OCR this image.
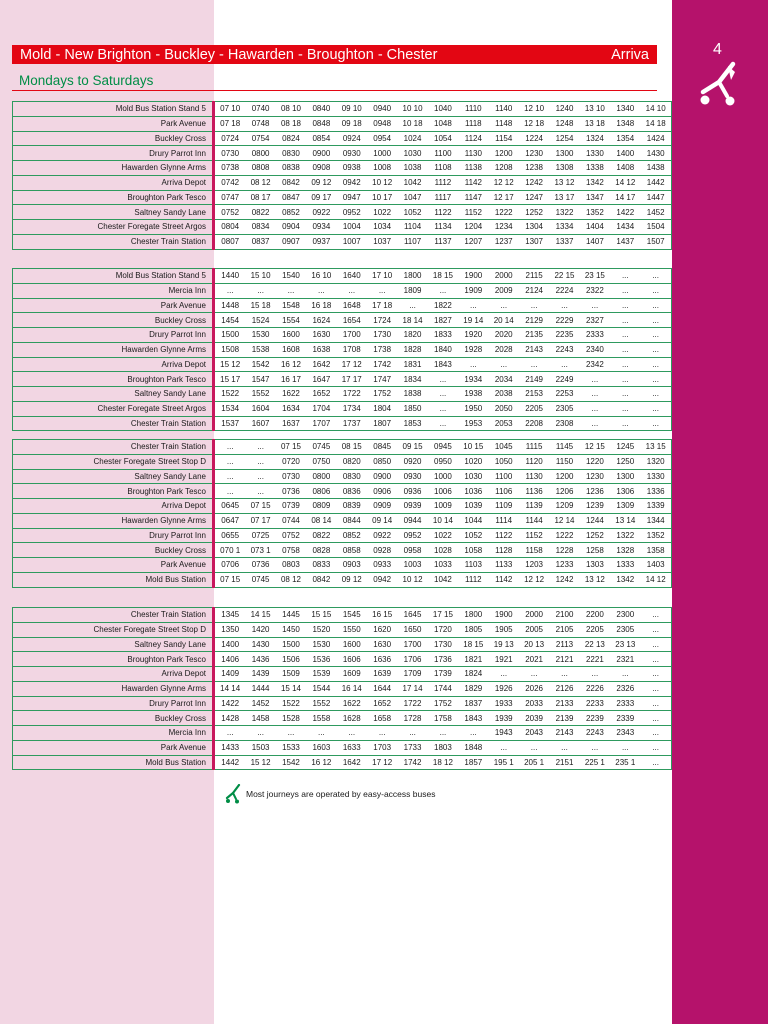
4
Mold - New Brighton - Buckley - Hawarden - Broughton - Chester	Arriva
Mondays to Saturdays
Mold Bus Station Stand 5	07 10	0740	08 10	0840	09 10	0940	10 10	1040	1110	1140	12 10	1240	13 10	1340	14 10
Park Avenue	07 18	0748	08 18	0848	09 18	0948	10 18	1048	1118	1148	12 18	1248	13 18	1348	14 18
Buckley Cross	0724	0754	0824	0854	0924	0954	1024	1054	1124	1154	1224	1254	1324	1354	1424
Drury Parrot Inn	0730	0800	0830	0900	0930	1000	1030	1100	1130	1200	1230	1300	1330	1400	1430
Hawarden Glynne Arms	0738	0808	0838	0908	0938	1008	1038	1108	1138	1208	1238	1308	1338	1408	1438
Arriva Depot	0742	08 12	0842	09 12	0942	10 12	1042	1112	1142	12 12	1242	13 12	1342	14 12	1442
Broughton Park Tesco	0747	08 17	0847	09 17	0947	10 17	1047	1117	1147	12 17	1247	13 17	1347	14 17	1447
Saltney Sandy Lane	0752	0822	0852	0922	0952	1022	1052	1122	1152	1222	1252	1322	1352	1422	1452
Chester Foregate Street Argos	0804	0834	0904	0934	1004	1034	1104	1134	1204	1234	1304	1334	1404	1434	1504
Chester Train Station	0807	0837	0907	0937	1007	1037	1107	1137	1207	1237	1307	1337	1407	1437	1507
Mold Bus Station Stand 5	1440	15 10	1540	16 10	1640	17 10	1800	18 15	1900	2000	2115	22 15	23 15	...	...
Mercia Inn	...	...	...	...	...	...	1809	...	1909	2009	2124	2224	2322	...	...
Park Avenue	1448	15 18	1548	16 18	1648	17 18	...	1822	...	...	...	...	...	...	...
Buckley Cross	1454	1524	1554	1624	1654	1724	18 14	1827	19 14	20 14	2129	2229	2327	...	...
Drury Parrot Inn	1500	1530	1600	1630	1700	1730	1820	1833	1920	2020	2135	2235	2333	...	...
Hawarden Glynne Arms	1508	1538	1608	1638	1708	1738	1828	1840	1928	2028	2143	2243	2340	...	...
Arriva Depot	15 12	1542	16 12	1642	17 12	1742	1831	1843	...	...	...	...	2342	...	...
Broughton Park Tesco	15 17	1547	16 17	1647	17 17	1747	1834	...	1934	2034	2149	2249	...	...	...
Saltney Sandy Lane	1522	1552	1622	1652	1722	1752	1838	...	1938	2038	2153	2253	...	...	...
Chester Foregate Street Argos	1534	1604	1634	1704	1734	1804	1850	...	1950	2050	2205	2305	...	...	...
Chester Train Station	1537	1607	1637	1707	1737	1807	1853	...	1953	2053	2208	2308	...	...	...
Chester Train Station	...	...	07 15	0745	08 15	0845	09 15	0945	10 15	1045	1115	1145	12 15	1245	13 15
Chester Foregate Street Stop D	...	...	0720	0750	0820	0850	0920	0950	1020	1050	1120	1150	1220	1250	1320
Saltney Sandy Lane	...	...	0730	0800	0830	0900	0930	1000	1030	1100	1130	1200	1230	1300	1330
Broughton Park Tesco	...	...	0736	0806	0836	0906	0936	1006	1036	1106	1136	1206	1236	1306	1336
Arriva Depot	0645	07 15	0739	0809	0839	0909	0939	1009	1039	1109	1139	1209	1239	1309	1339
Hawarden Glynne Arms	0647	07 17	0744	08 14	0844	09 14	0944	10 14	1044	1114	1144	12 14	1244	13 14	1344
Drury Parrot Inn	0655	0725	0752	0822	0852	0922	0952	1022	1052	1122	1152	1222	1252	1322	1352
Buckley Cross	070 1	073 1	0758	0828	0858	0928	0958	1028	1058	1128	1158	1228	1258	1328	1358
Park Avenue	0706	0736	0803	0833	0903	0933	1003	1033	1103	1133	1203	1233	1303	1333	1403
Mold Bus Station	07 15	0745	08 12	0842	09 12	0942	10 12	1042	1112	1142	12 12	1242	13 12	1342	14 12
Chester Train Station	1345	14 15	1445	15 15	1545	16 15	1645	17 15	1800	1900	2000	2100	2200	2300	...
Chester Foregate Street Stop D	1350	1420	1450	1520	1550	1620	1650	1720	1805	1905	2005	2105	2205	2305	...
Saltney Sandy Lane	1400	1430	1500	1530	1600	1630	1700	1730	18 15	19 13	20 13	2113	22 13	23 13	...
Broughton Park Tesco	1406	1436	1506	1536	1606	1636	1706	1736	1821	1921	2021	2121	2221	2321	...
Arriva Depot	1409	1439	1509	1539	1609	1639	1709	1739	1824	...	...	...	...	...	...
Hawarden Glynne Arms	14 14	1444	15 14	1544	16 14	1644	17 14	1744	1829	1926	2026	2126	2226	2326	...
Drury Parrot Inn	1422	1452	1522	1552	1622	1652	1722	1752	1837	1933	2033	2133	2233	2333	...
Buckley Cross	1428	1458	1528	1558	1628	1658	1728	1758	1843	1939	2039	2139	2239	2339	...
Mercia Inn	...	...	...	...	...	...	...	...	...	1943	2043	2143	2243	2343	...
Park Avenue	1433	1503	1533	1603	1633	1703	1733	1803	1848	...	...	...	...	...	...
Mold Bus Station	1442	15 12	1542	16 12	1642	17 12	1742	18 12	1857	195 1	205 1	2151	225 1	235 1	...
Most journeys are operated by easy-access buses
